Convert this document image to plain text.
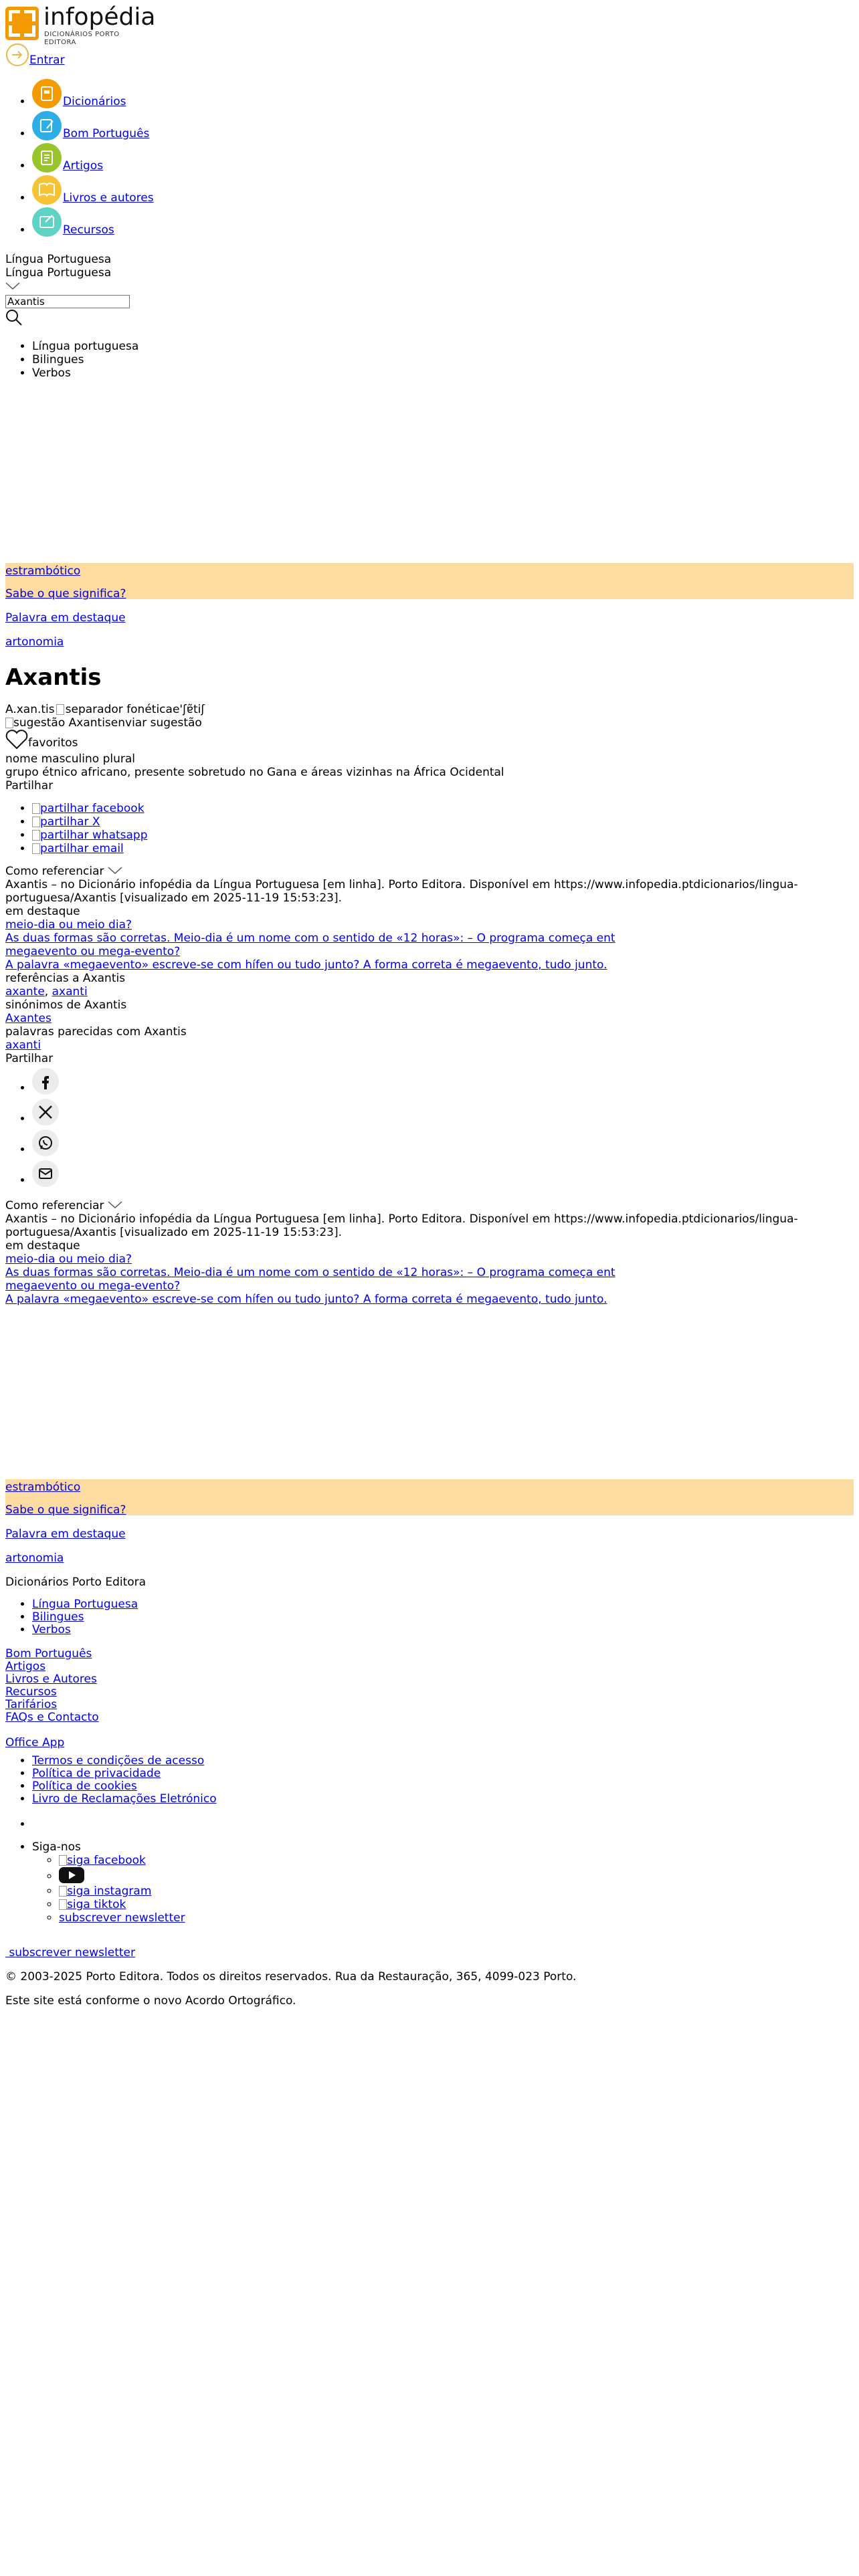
infopédia
DICIONÁRIOS PORTO EDITORA
Entrar
• Dicionários
• Bom Português
• Artigos
• Livros e autores
• Recursos
Língua Portuguesa
Língua Portuguesa
Axantis
• Língua portuguesa
• Bilingues
• Verbos
estrambótico
Sabe o que significa?
Palavra em destaque
artonomia
Axantis
A.xan.tis separador fonéticae'ʃɐ̃tiʃ
sugestão Axantisenviar sugestão
favoritos
nome masculino plural
grupo étnico africano, presente sobretudo no Gana e áreas vizinhas na África Ocidental
Partilhar
• partilhar facebook
• partilhar X
• partilhar whatsapp
• partilhar email
Como referenciar
Axantis – no Dicionário infopédia da Língua Portuguesa [em linha]. Porto Editora. Disponível em https://www.infopedia.ptdicionarios/lingua-
portuguesa/Axantis [visualizado em 2025-11-19 15:53:23].
em destaque
meio-dia ou meio dia?
As duas formas são corretas. Meio-dia é um nome com o sentido de «12 horas»: – O programa começa ent
megaevento ou mega-evento?
A palavra «megaevento» escreve-se com hífen ou tudo junto? A forma correta é megaevento, tudo junto.
referências a Axantis
axante, axanti
sinónimos de Axantis
Axantes
palavras parecidas com Axantis
axanti
Partilhar
•
•
•
•
Como referenciar
Axantis – no Dicionário infopédia da Língua Portuguesa [em linha]. Porto Editora. Disponível em https://www.infopedia.ptdicionarios/lingua-
portuguesa/Axantis [visualizado em 2025-11-19 15:53:23].
em destaque
meio-dia ou meio dia?
As duas formas são corretas. Meio-dia é um nome com o sentido de «12 horas»: – O programa começa ent
megaevento ou mega-evento?
A palavra «megaevento» escreve-se com hífen ou tudo junto? A forma correta é megaevento, tudo junto.
estrambótico
Sabe o que significa?
Palavra em destaque
artonomia
Dicionários Porto Editora
• Língua Portuguesa
• Bilingues
• Verbos
Bom Português
Artigos
Livros e Autores
Recursos
Tarifários
FAQs e Contacto
Office App
• Termos e condições de acesso
• Política de privacidade
• Política de cookies
• Livro de Reclamações Eletrónico
• Siga-nos
◦ siga facebook
◦
◦ siga instagram
◦ siga tiktok
◦ subscrever newsletter
subscrever newsletter
© 2003-2025 Porto Editora. Todos os direitos reservados. Rua da Restauração, 365, 4099-023 Porto.
Este site está conforme o novo Acordo Ortográfico.
